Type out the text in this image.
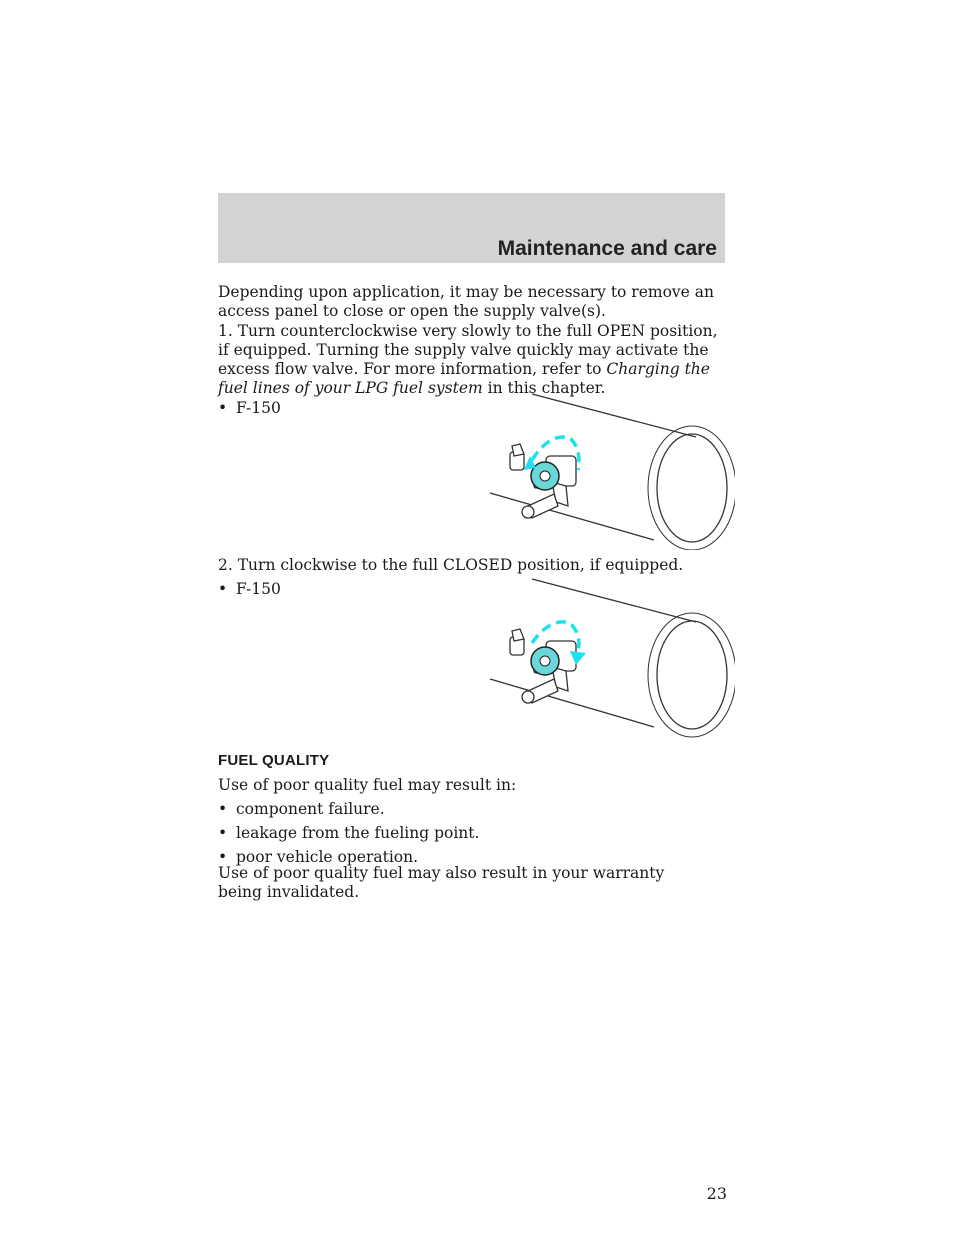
Maintenance and care

Depending upon application, it may be necessary to remove an access panel to close or open the supply valve(s).

1. Turn counterclockwise very slowly to the full OPEN position, if equipped. Turning the supply valve quickly may activate the excess flow valve. For more information, refer to Charging the fuel lines of your LPG fuel system in this chapter.

• F-150

2. Turn clockwise to the full CLOSED position, if equipped.

• F-150
FUEL QUALITY

Use of poor quality fuel may result in:

• component failure.
• leakage from the fueling point.
• poor vehicle operation.

Use of poor quality fuel may also result in your warranty being invalidated.

23
